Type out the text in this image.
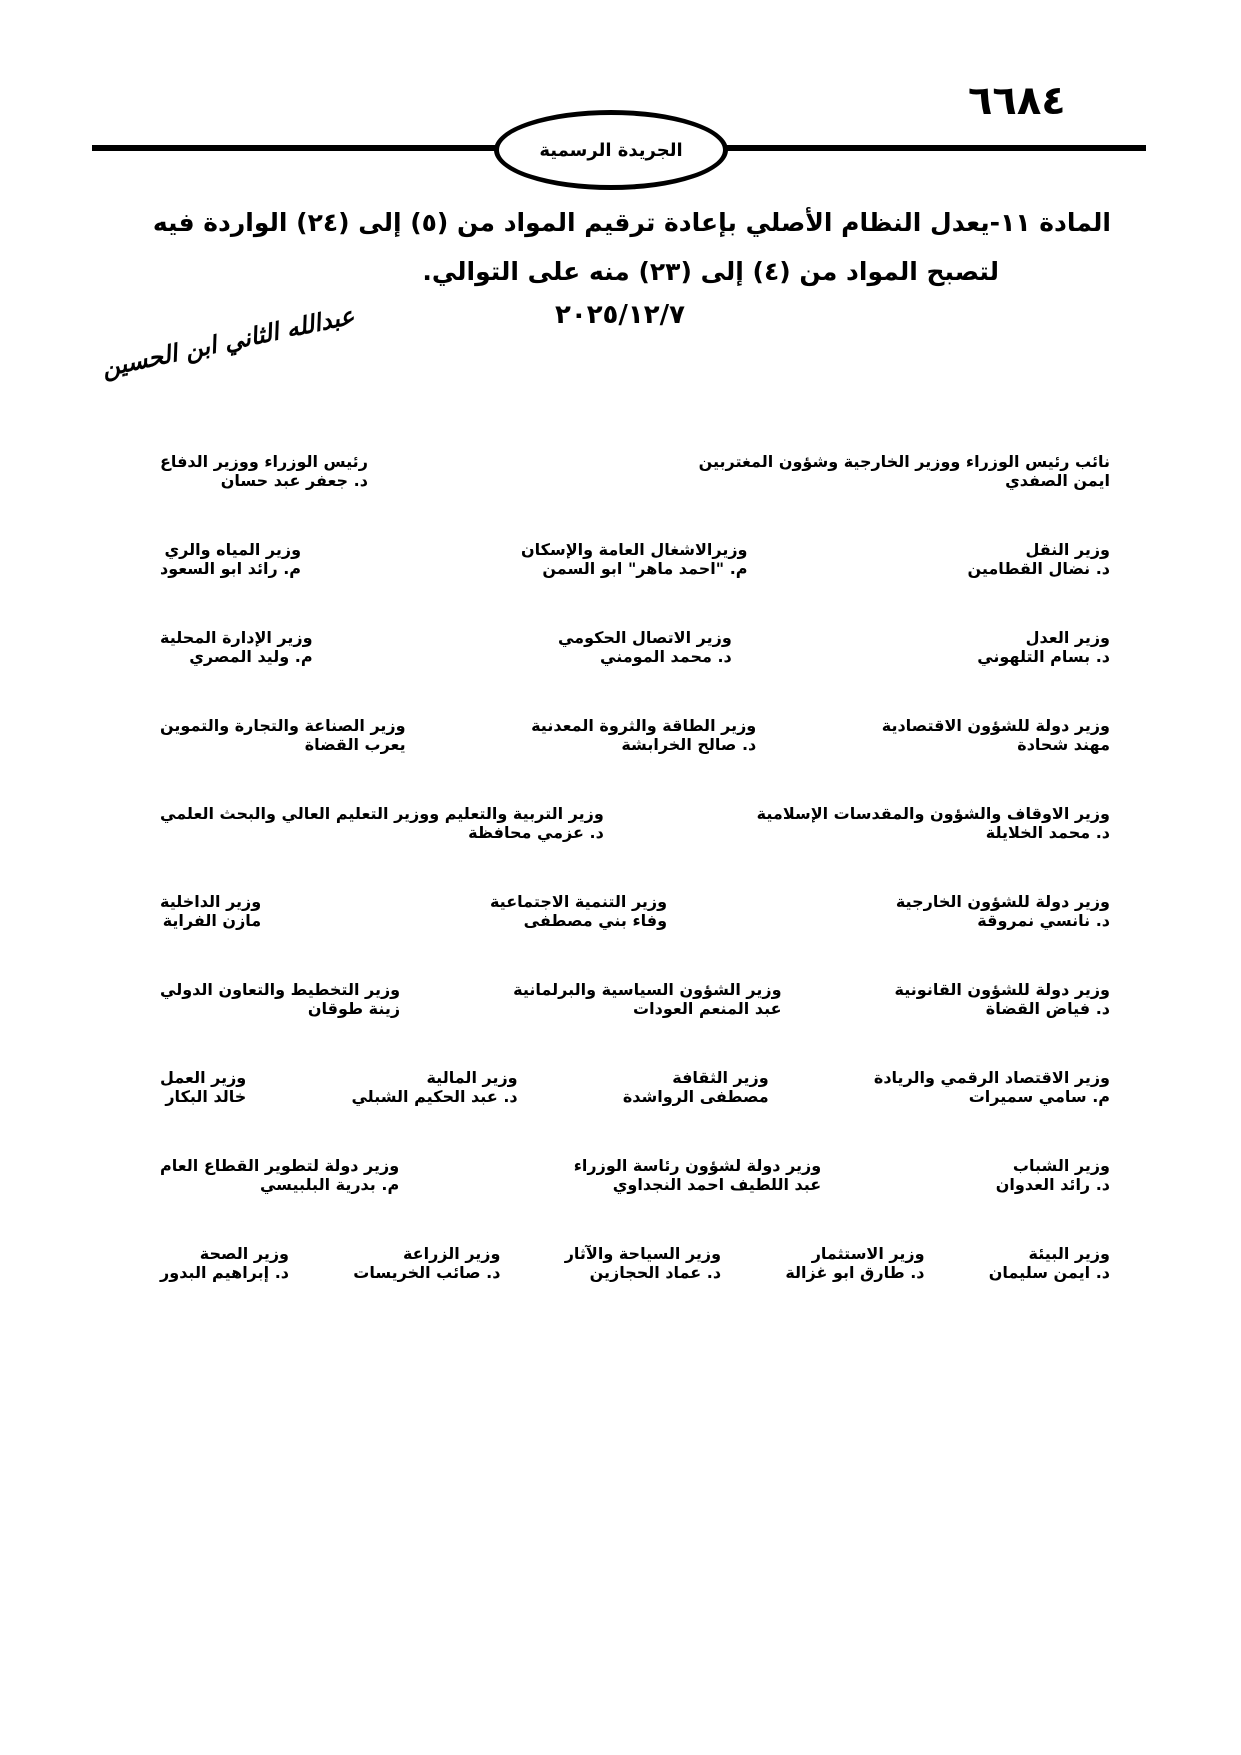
٦٦٨٤
الجريدة الرسمية
المادة ١١-يعدل النظام الأصلي بإعادة ترقيم المواد من (٥) إلى (٢٤) الواردة فيه
لتصبح المواد من (٤) إلى (٢٣) منه على التوالي.
٢٠٢٥/١٢/٧
عبدالله الثاني ابن الحسين
نائب رئيس الوزراء ووزير الخارجية وشؤون المغتربين
ايمن الصفدي
رئيس الوزراء ووزير الدفاع
د. جعفر عبد حسان
وزير النقل
د. نضال القطامين
وزيرالاشغال العامة والإسكان
م. "احمد ماهر" ابو السمن
وزير المياه والري
م. رائد ابو السعود
وزير العدل
د. بسام التلهوني
وزير الاتصال الحكومي
د. محمد المومني
وزير الإدارة المحلية
م. وليد المصري
وزير دولة للشؤون الاقتصادية
مهند شحادة
وزير الطاقة والثروة المعدنية
د. صالح الخرابشة
وزير الصناعة والتجارة والتموين
يعرب القضاة
وزير الاوقاف والشؤون والمقدسات الإسلامية
د. محمد الخلايلة
وزير التربية والتعليم ووزير التعليم العالي والبحث العلمي
د. عزمي محافظة
وزير دولة للشؤون الخارجية
د. نانسي نمروقة
وزير التنمية الاجتماعية
وفاء بني مصطفى
وزير الداخلية
مازن الفراية
وزير دولة للشؤون القانونية
د. فياض القضاة
وزير الشؤون السياسية والبرلمانية
عبد المنعم العودات
وزير التخطيط والتعاون الدولي
زينة طوقان
وزير الاقتصاد الرقمي والريادة
م. سامي سميرات
وزير الثقافة
مصطفى الرواشدة
وزير المالية
د. عبد الحكيم الشبلي
وزير العمل
خالد البكار
وزير الشباب
د. رائد العدوان
وزير دولة لشؤون رئاسة الوزراء
عبد اللطيف احمد النجداوي
وزير دولة لتطوير القطاع العام
م. بدرية البلبيسي
وزير البيئة
د. ايمن سليمان
وزير الاستثمار
د. طارق ابو غزالة
وزير السياحة والآثار
د. عماد الحجازين
وزير الزراعة
د. صائب الخريسات
وزير الصحة
د. إبراهيم البدور
